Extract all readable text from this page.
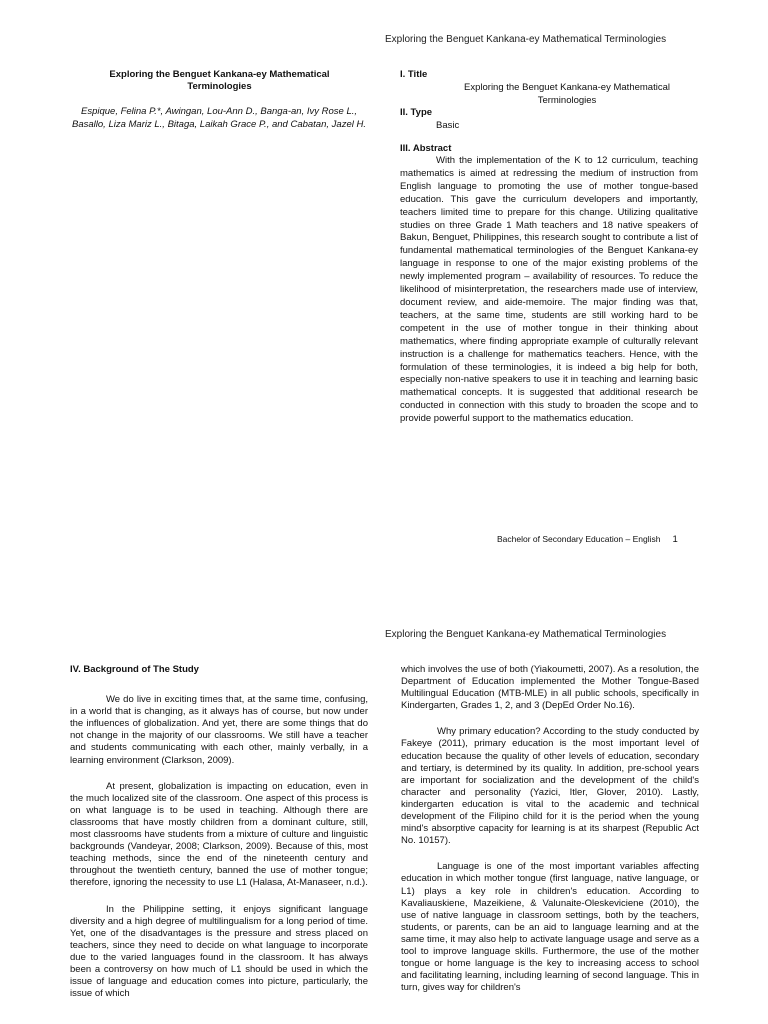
Exploring the Benguet Kankana-ey Mathematical Terminologies
Exploring the Benguet Kankana-ey Mathematical Terminologies
Espique, Felina P.*, Awingan, Lou-Ann D., Banga-an, Ivy Rose L., Basallo, Liza Mariz L., Bitaga, Laikah Grace P., and Cabatan, Jazel H.

I. Title

Exploring the Benguet Kankana-ey Mathematical Terminologies

II. Type

Basic

III. Abstract

With the implementation of the K to 12 curriculum, teaching mathematics is aimed at redressing the medium of instruction from English language to promoting the use of mother tongue-based education. This gave the curriculum developers and importantly, teachers limited time to prepare for this change. Utilizing qualitative studies on three Grade 1 Math teachers and 18 native speakers of Bakun, Benguet, Philippines, this research sought to contribute a list of fundamental mathematical terminologies of the Benguet Kankana-ey language in response to one of the major existing problems of the newly implemented program – availability of resources. To reduce the likelihood of misinterpretation, the researchers made use of interview, document review, and aide-memoire. The major finding was that, teachers, at the same time, students are still working hard to be competent in the use of mother tongue in their thinking about mathematics, where finding appropriate example of culturally relevant instruction is a challenge for mathematics teachers. Hence, with the formulation of these terminologies, it is indeed a big help for both, especially non-native speakers to use it in teaching and learning basic mathematical concepts. It is suggested that additional research be conducted in connection with this study to broaden the scope and to provide powerful support to the mathematics education.

Bachelor of Secondary Education – English 1
Exploring the Benguet Kankana-ey Mathematical Terminologies

IV. Background of The Study

We do live in exciting times that, at the same time, confusing, in a world that is changing, as it always has of course, but now under the influences of globalization. And yet, there are some things that do not change in the majority of our classrooms. We still have a teacher and students communicating with each other, mainly verbally, in a learning environment (Clarkson, 2009).

At present, globalization is impacting on education, even in the much localized site of the classroom. One aspect of this process is on what language is to be used in teaching. Although there are classrooms that have mostly children from a dominant culture, still, most classrooms have students from a mixture of culture and linguistic backgrounds (Vandeyar, 2008; Clarkson, 2009). Because of this, most teaching methods, since the end of the nineteenth century and throughout the twentieth century, banned the use of mother tongue; therefore, ignoring the necessity to use L1 (Halasa, At-Manaseer, n.d.).

In the Philippine setting, it enjoys significant language diversity and a high degree of multilingualism for a long period of time. Yet, one of the disadvantages is the pressure and stress placed on teachers, since they need to decide on what language to incorporate due to the varied languages found in the classroom. It has always been a controversy on how much of L1 should be used in which the issue of language and education comes into picture, particularly, the issue of which

which involves the use of both (Yiakoumetti, 2007). As a resolution, the Department of Education implemented the Mother Tongue-Based Multilingual Education (MTB-MLE) in all public schools, specifically in Kindergarten, Grades 1, 2, and 3 (DepEd Order No.16).

Why primary education? According to the study conducted by Fakeye (2011), primary education is the most important level of education because the quality of other levels of education, secondary and tertiary, is determined by its quality. In addition, pre-school years are important for socialization and the development of the child's character and personality (Yazici, Itler, Glover, 2010). Lastly, kindergarten education is vital to the academic and technical development of the Filipino child for it is the period when the young mind's absorptive capacity for learning is at its sharpest (Republic Act No. 10157).

Language is one of the most important variables affecting education in which mother tongue (first language, native language, or L1) plays a key role in children's education. According to Kavaliauskiene, Mazeikiene, & Valunaite-Oleskeviciene (2010), the use of native language in classroom settings, both by the teachers, students, or parents, can be an aid to language learning and at the same time, it may also help to activate language usage and serve as a tool to improve language skills. Furthermore, the use of the mother tongue or home language is the key to increasing access to school and facilitating learning, including learning of second language. This in turn, gives way for children's
